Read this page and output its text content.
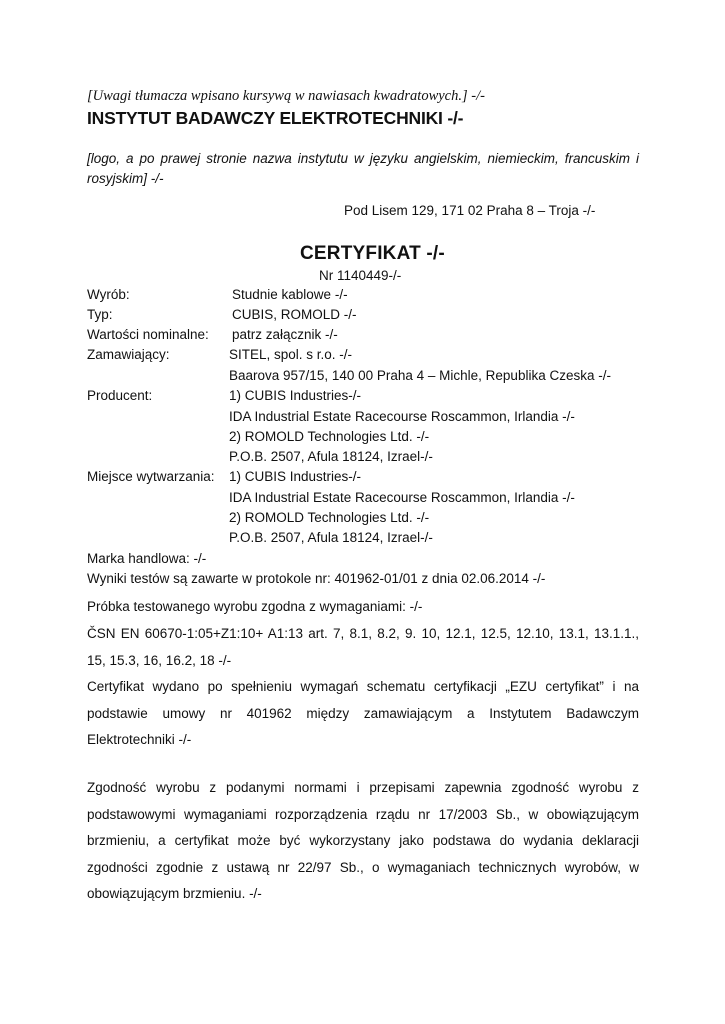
[Uwagi tłumacza wpisano kursywą w nawiasach kwadratowych.] -/-
INSTYTUT BADAWCZY ELEKTROTECHNIKI -/-
[logo, a po prawej stronie nazwa instytutu w języku angielskim, niemieckim, francuskim i rosyjskim] -/-
Pod Lisem 129, 171 02 Praha 8 – Troja -/-
CERTYFIKAT -/-
Nr 1140449-/-
Wyrób:	Studnie kablowe -/-
Typ:	CUBIS, ROMOLD -/-
Wartości nominalne: patrz załącznik -/-
Zamawiający:	SITEL, spol. s r.o. -/-
Baarova 957/15, 140 00 Praha 4 – Michle, Republika Czeska -/-
Producent:	1) CUBIS Industries-/-
IDA Industrial Estate Racecourse Roscammon, Irlandia -/-
2) ROMOLD Technologies Ltd. -/-
P.O.B. 2507, Afula 18124, Izrael-/-
Miejsce wytwarzania: 1) CUBIS Industries-/-
IDA Industrial Estate Racecourse Roscammon, Irlandia -/-
2) ROMOLD Technologies Ltd. -/-
P.O.B. 2507, Afula 18124, Izrael-/-
Marka handlowa: -/-
Wyniki testów są zawarte w protokole nr: 401962-01/01 z dnia 02.06.2014 -/-
Próbka testowanego wyrobu zgodna z wymaganiami: -/-
ČSN EN 60670-1:05+Z1:10+ A1:13 art. 7, 8.1, 8.2, 9. 10, 12.1, 12.5, 12.10, 13.1, 13.1.1., 15, 15.3, 16, 16.2, 18 -/-
Certyfikat wydano po spełnieniu wymagań schematu certyfikacji „EZU certyfikat” i na podstawie umowy nr 401962 między zamawiającym a Instytutem Badawczym Elektrotechniki -/-
Zgodność wyrobu z podanymi normami i przepisami zapewnia zgodność wyrobu z podstawowymi wymaganiami rozporządzenia rządu nr 17/2003 Sb., w obowiązującym brzmieniu, a certyfikat może być wykorzystany jako podstawa do wydania deklaracji zgodności zgodnie z ustawą nr 22/97 Sb., o wymaganiach technicznych wyrobów, w obowiązującym brzmieniu. -/-
